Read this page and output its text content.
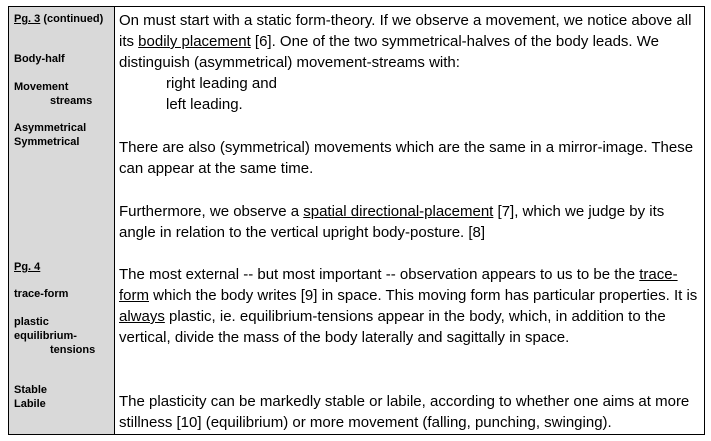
Pg. 3 (continued)
Body-half
Movement
streams
Asymmetrical
Symmetrical
Pg. 4
trace-form
plastic
equilibrium-
tensions
Stable
Labile

On must start with a static form-theory. If we observe a movement, we notice above all its bodily placement [6]. One of the two symmetrical-halves of the body leads. We distinguish (asymmetrical) movement-streams with:

right leading and

left leading.

There are also (symmetrical) movements which are the same in a mirror-image. These can appear at the same time.

Furthermore, we observe a spatial directional-placement [7], which we judge by its angle in relation to the vertical upright body-posture. [8]

The most external -- but most important -- observation appears to us to be the trace-form which the body writes [9] in space. This moving form has particular properties. It is always plastic, ie. equilibrium-tensions appear in the body, which, in addition to the vertical, divide the mass of the body laterally and sagittally in space.

The plasticity can be markedly stable or labile, according to whether one aims at more stillness [10] (equilibrium) or more movement (falling, punching, swinging).
